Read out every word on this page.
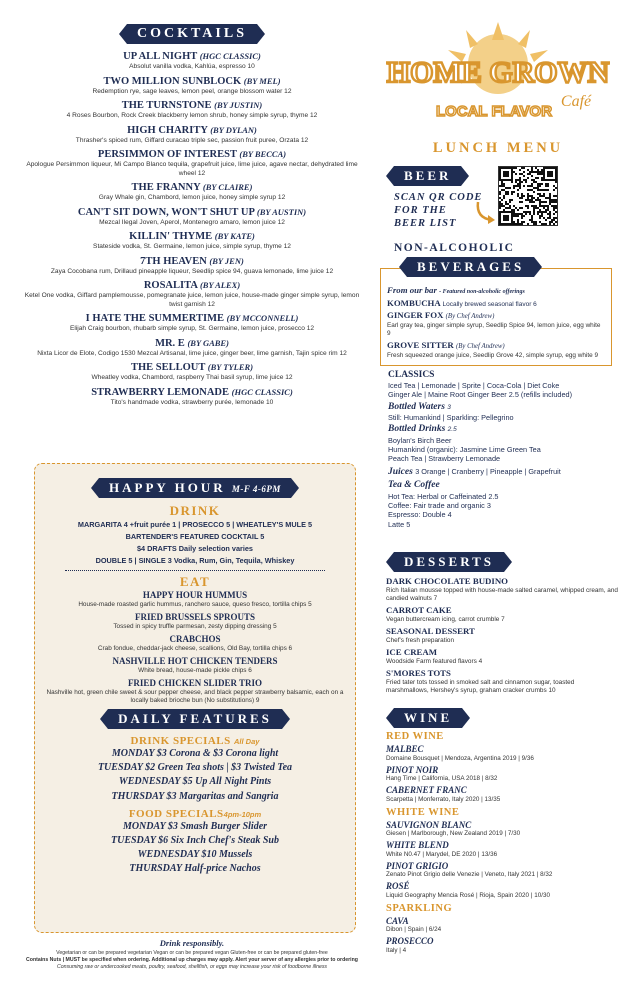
COCKTAILS
UP ALL NIGHT (HGC CLASSIC)
Absolut vanilla vodka, Kahlúa, espresso 10
TWO MILLION SUNBLOCK (BY MEL)
Redemption rye, sage leaves, lemon peel, orange blossom water 12
THE TURNSTONE (BY JUSTIN)
4 Roses Bourbon, Rock Creek blackberry lemon shrub, honey simple syrup, thyme 12
HIGH CHARITY (BY DYLAN)
Thrasher's spiced rum, Giffard curacao triple sec, passion fruit puree, Orzata 12
PERSIMMON OF INTEREST (BY BECCA)
Apologue Persimmon liqueur, Mi Campo Blanco tequila, grapefruit juice, lime juice, agave nectar, dehydrated lime wheel 12
THE FRANNY (BY CLAIRE)
Gray Whale gin, Chambord, lemon juice, honey simple syrup 12
CAN'T SIT DOWN, WON'T SHUT UP (BY AUSTIN)
Mezcal Ilegal Joven, Aperol, Montenegro amaro, lemon juice 12
KILLIN' THYME (BY KATE)
Stateside vodka, St. Germaine, lemon juice, simple syrup, thyme 12
7TH HEAVEN (BY JEN)
Zaya Cocobana rum, Drillaud pineapple liqueur, Seedlip spice 94, guava lemonade, lime juice 12
ROSALITA (BY ALEX)
Ketel One vodka, Giffard pamplemousse, pomegranate juice, lemon juice, house-made ginger simple syrup, lemon twist garnish 12
I HATE THE SUMMERTIME (BY MCCONNELL)
Elijah Craig bourbon, rhubarb simple syrup, St. Germaine, lemon juice, prosecco 12
MR. E (BY GABE)
Nixta Licor de Elote, Codigo 1530 Mezcal Artisanal, lime juice, ginger beer, lime garnish, Tajin spice rim 12
THE SELLOUT (BY TYLER)
Wheatley vodka, Chambord, raspberry Thai basil syrup, lime juice 12
STRAWBERRY LEMONADE (HGC CLASSIC)
Tito's handmade vodka, strawberry purée, lemonade 10
HAPPY HOUR M-F 4-6PM
DRINK
MARGARITA 4 +fruit purée 1 | PROSECCO 5 | WHEATLEY'S MULE 5
BARTENDER'S FEATURED COCKTAIL 5
$4 DRAFTS Daily selection varies
DOUBLE 5 | SINGLE 3 Vodka, Rum, Gin, Tequila, Whiskey
EAT
HAPPY HOUR HUMMUS
House-made roasted garlic hummus, ranchero sauce, queso fresco, tortilla chips 5
FRIED BRUSSELS SPROUTS
Tossed in spicy truffle parmesan, zesty dipping dressing 5
CRABCHOS
Crab fondue, cheddar-jack cheese, scallions, Old Bay, tortilla chips 6
NASHVILLE HOT CHICKEN TENDERS
White bread, house-made pickle chips 6
FRIED CHICKEN SLIDER TRIO
Nashville hot, green chile sweet & sour pepper cheese, and black pepper strawberry balsamic, each on a locally baked brioche bun (No substitutions) 9
DAILY FEATURES
DRINK SPECIALS All Day
MONDAY $3 Corona & $3 Corona light
TUESDAY $2 Green Tea shots | $3 Twisted Tea
WEDNESDAY $5 Up All Night Pints
THURSDAY $3 Margaritas and Sangria
FOOD SPECIALS4pm-10pm
MONDAY $3 Smash Burger Slider
TUESDAY $6 Six Inch Chef's Steak Sub
WEDNESDAY $10 Mussels
THURSDAY Half-price Nachos
Drink responsibly.
Vegetarian or can be prepared vegetarian Vegan or can be prepared vegan Gluten-free or can be prepared gluten-free
Contains Nuts | MUST be specified when ordering. Additional up charges may apply. Alert your server of any allergies prior to ordering
Consuming raw or undercooked meats, poultry, seafood, shellfish, or eggs may increase your risk of foodborne illness
HOME GROWN
Café
LOCAL FLAVOR
LUNCH MENU
BEER
SCAN QR CODE
FOR THE
BEER LIST
NON-ALCOHOLIC
BEVERAGES
From our bar - Featured non-alcoholic offerings
KOMBUCHA Locally brewed seasonal flavor 6
GINGER FOX (By Chef Andrew)
Earl gray tea, ginger simple syrup, Seedlip Spice 94, lemon juice, egg white 9
GROVE SITTER (By Chef Andrew)
Fresh squeezed orange juice, Seedlip Grove 42, simple syrup, egg white 9
CLASSICS
Iced Tea | Lemonade | Sprite | Coca-Cola | Diet Coke
Ginger Ale | Maine Root Ginger Beer 2.5 (refills included)
Bottled Waters 3
Still: Humankind | Sparkling: Pellegrino
Bottled Drinks 2.5
Boylan's Birch Beer
Humankind (organic): Jasmine Lime Green Tea
Peach Tea | Strawberry Lemonade
Juices 3 Orange | Cranberry | Pineapple | Grapefruit
Tea & Coffee
Hot Tea: Herbal or Caffeinated 2.5
Coffee: Fair trade and organic 3
Espresso: Double 4
Latte 5
DESSERTS
DARK CHOCOLATE BUDINO
Rich Italian mousse topped with house-made salted caramel, whipped cream, and candied walnuts 7
CARROT CAKE
Vegan buttercream icing, carrot crumble 7
SEASONAL DESSERT
Chef's fresh preparation
ICE CREAM
Woodside Farm featured flavors 4
S'MORES TOTS
Fried tater tots tossed in smoked salt and cinnamon sugar, toasted marshmallows, Hershey's syrup, graham cracker crumbs 10
WINE
RED WINE
MALBEC
Domaine Bousquet | Mendoza, Argentina 2019 | 9/36
PINOT NOIR
Hang Time | California, USA 2018 | 8/32
CABERNET FRANC
Scarpetta | Monferrato, Italy 2020 | 13/35
WHITE WINE
SAUVIGNON BLANC
Giesen | Marlborough, New Zealand 2019 | 7/30
WHITE BLEND
White N0.47 | Marydel, DE 2020 | 13/36
PINOT GRIGIO
Zenato Pinot Grigio delle Venezie | Veneto, Italy 2021 | 8/32
ROSÉ
Liquid Geography Mencia Rosé | Rioja, Spain 2020 | 10/30
SPARKLING
CAVA
Dibon | Spain | 6/24
PROSECCO
Italy | 4
